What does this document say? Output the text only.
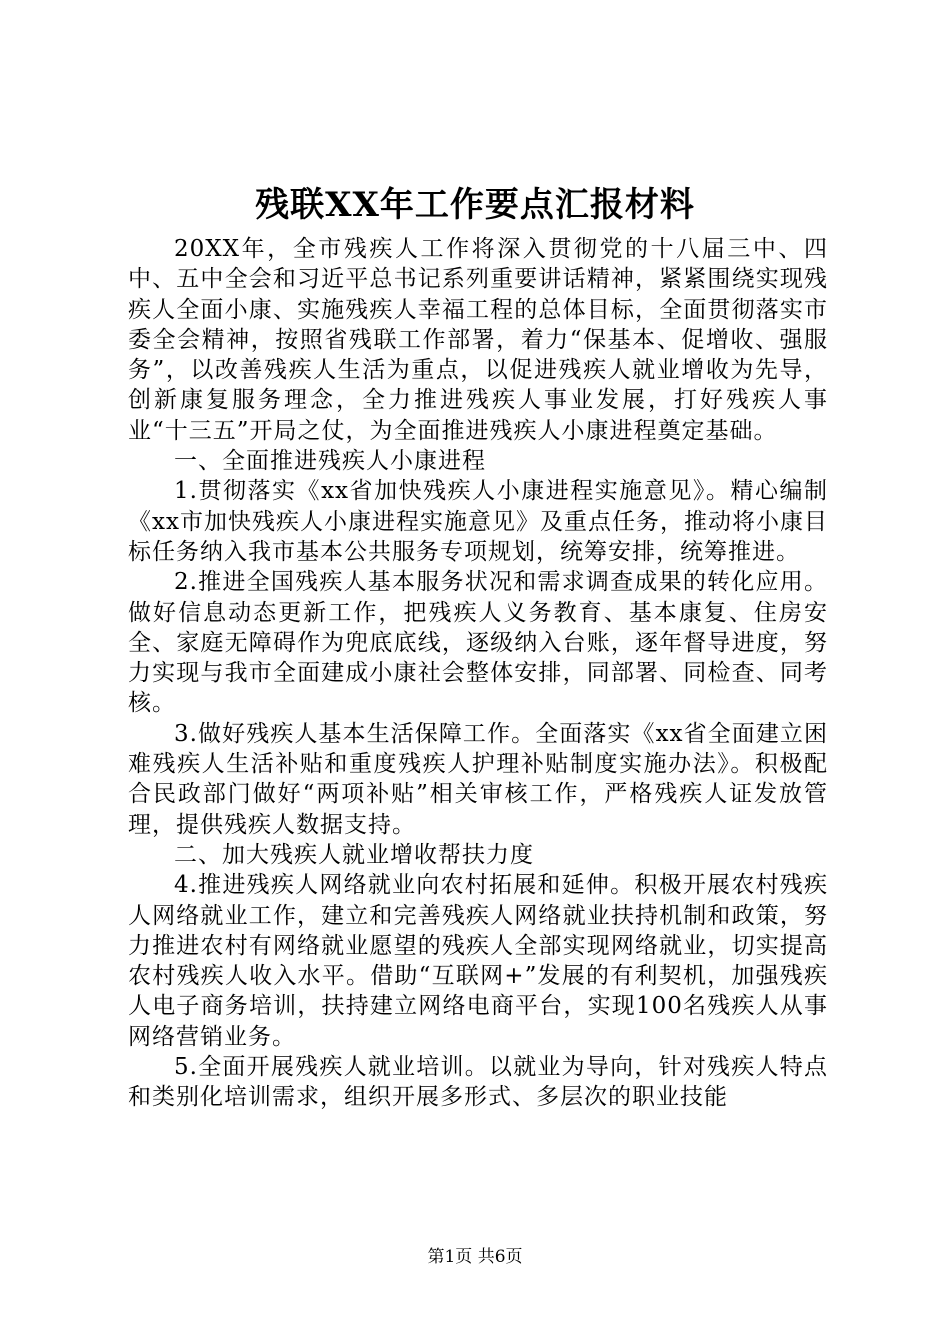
残联XX年工作要点汇报材料

20XX年，全市残疾人工作将深入贯彻党的十八届三中、四中、五中全会和习近平总书记系列重要讲话精神，紧紧围绕实现残疾人全面小康、实施残疾人幸福工程的总体目标，全面贯彻落实市委全会精神，按照省残联工作部署，着力“保基本、促增收、强服务”，以改善残疾人生活为重点，以促进残疾人就业增收为先导，创新康复服务理念，全力推进残疾人事业发展，打好残疾人事业“十三五”开局之仗，为全面推进残疾人小康进程奠定基础。

一、全面推进残疾人小康进程

1.贯彻落实《xx省加快残疾人小康进程实施意见》。精心编制《xx市加快残疾人小康进程实施意见》及重点任务，推动将小康目标任务纳入我市基本公共服务专项规划，统筹安排，统筹推进。

2.推进全国残疾人基本服务状况和需求调查成果的转化应用。做好信息动态更新工作，把残疾人义务教育、基本康复、住房安全、家庭无障碍作为兜底底线，逐级纳入台账，逐年督导进度，努力实现与我市全面建成小康社会整体安排，同部署、同检查、同考核。

3.做好残疾人基本生活保障工作。全面落实《xx省全面建立困难残疾人生活补贴和重度残疾人护理补贴制度实施办法》。积极配合民政部门做好“两项补贴”相关审核工作，严格残疾人证发放管理，提供残疾人数据支持。

二、加大残疾人就业增收帮扶力度

4.推进残疾人网络就业向农村拓展和延伸。积极开展农村残疾人网络就业工作，建立和完善残疾人网络就业扶持机制和政策，努力推进农村有网络就业愿望的残疾人全部实现网络就业，切实提高农村残疾人收入水平。借助“互联网+”发展的有利契机，加强残疾人电子商务培训，扶持建立网络电商平台，实现100名残疾人从事网络营销业务。

5.全面开展残疾人就业培训。以就业为导向，针对残疾人特点和类别化培训需求，组织开展多形式、多层次的职业技能

第1页 共6页
